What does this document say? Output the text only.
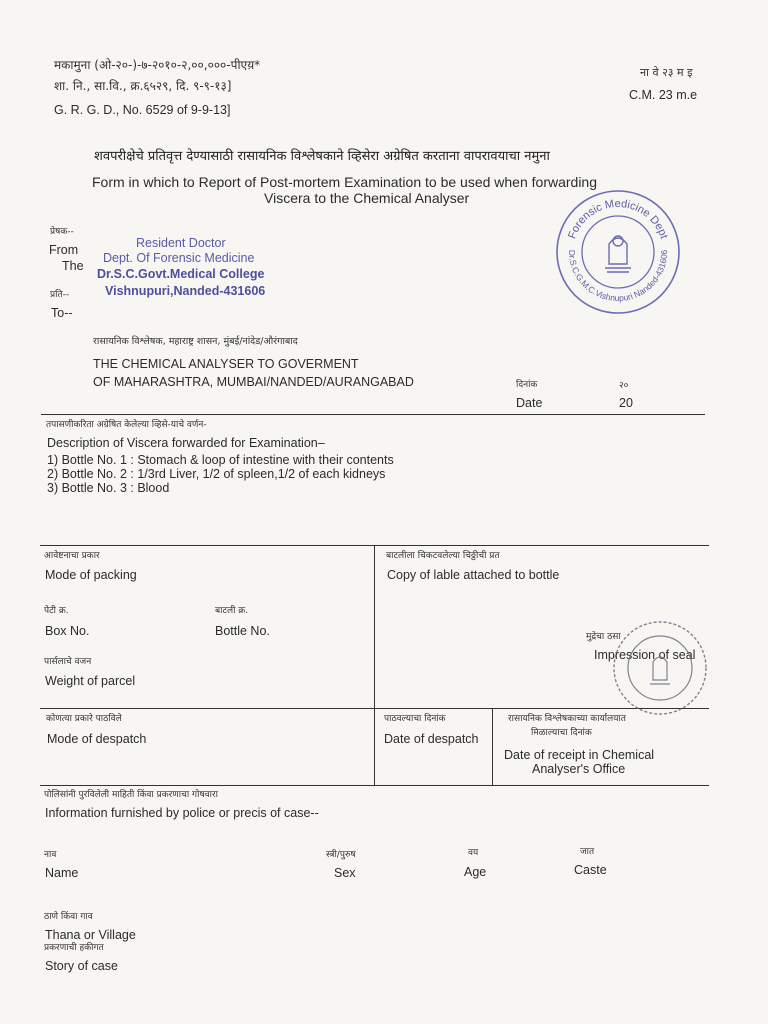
मकामुना (ओ-२०-)-७-२०१०-२,००,०००-पीएय़*
शा. नि., सा.वि., क्र.६५२९, दि. ९-९-१३]
G. R. G. D., No. 6529 of 9-9-13]
ना वे २३ म इ
C.M. 23 m.e
शवपरीक्षेचे प्रतिवृत्त देण्यासाठी रासायनिक विश्लेषकाने व्हिसेरा अग्रेषित करताना वापरावयाचा नमुना
Form in which to Report of Post-mortem Examination to be used when forwarding
Viscera to the Chemical Analyser
प्रेषक--
From
The
Resident Doctor
Dept. Of Forensic Medicine
Dr.S.C.Govt.Medical College
Vishnupuri,Nanded-431606
Forensic Medicine Dept
Dr.S.C.G.M.C.Vishnupuri Nanded-431606
प्रति--
To--
रासायनिक विश्लेषक, महाराष्ट्र शासन, मुंबई/नांदेड/औरंगाबाद
THE CHEMICAL ANALYSER TO GOVERMENT
OF MAHARASHTRA, MUMBAI/NANDED/AURANGABAD	दिनांक
Date
२०
20
तपासणीकरिता अग्रेषित केलेल्या व्हिसे-याचे वर्णन-
Description of Viscera forwarded for Examination–
1) Bottle No. 1 : Stomach & loop of intestine with their contents
2) Bottle No. 2 : 1/3rd Liver, 1/2 of spleen,1/2 of each kidneys
3) Bottle No. 3 : Blood
आवेष्टनाचा प्रकार
Mode of packing
पेटी क्र.
Box No.
बाटली क्र.
Bottle No.
पार्सलाचे वजन
Weight of parcel
बाटलीला चिकटवलेल्या चिठ्ठीची प्रत
Copy of lable attached to bottle
मुद्रेचा ठसा
Impression of seal
कोणत्या प्रकारे पाठविले
Mode of despatch
पाठवल्याचा दिनांक
Date of despatch
रासायनिक विश्लेषकाच्या कार्यालयात
मिळाल्याचा दिनांक
Date of receipt in Chemical
Analyser's Office
पोलिसांनी पुरविलेली माहिती किंवा प्रकरणाचा गोषवारा
Information furnished by police or precis of case--
नाव
Name
स्त्री/पुरुष
Sex
वय
Age
जात
Caste
ठाणे किंवा गाव
Thana or Village
प्रकरणाची हकीगत
Story of case
